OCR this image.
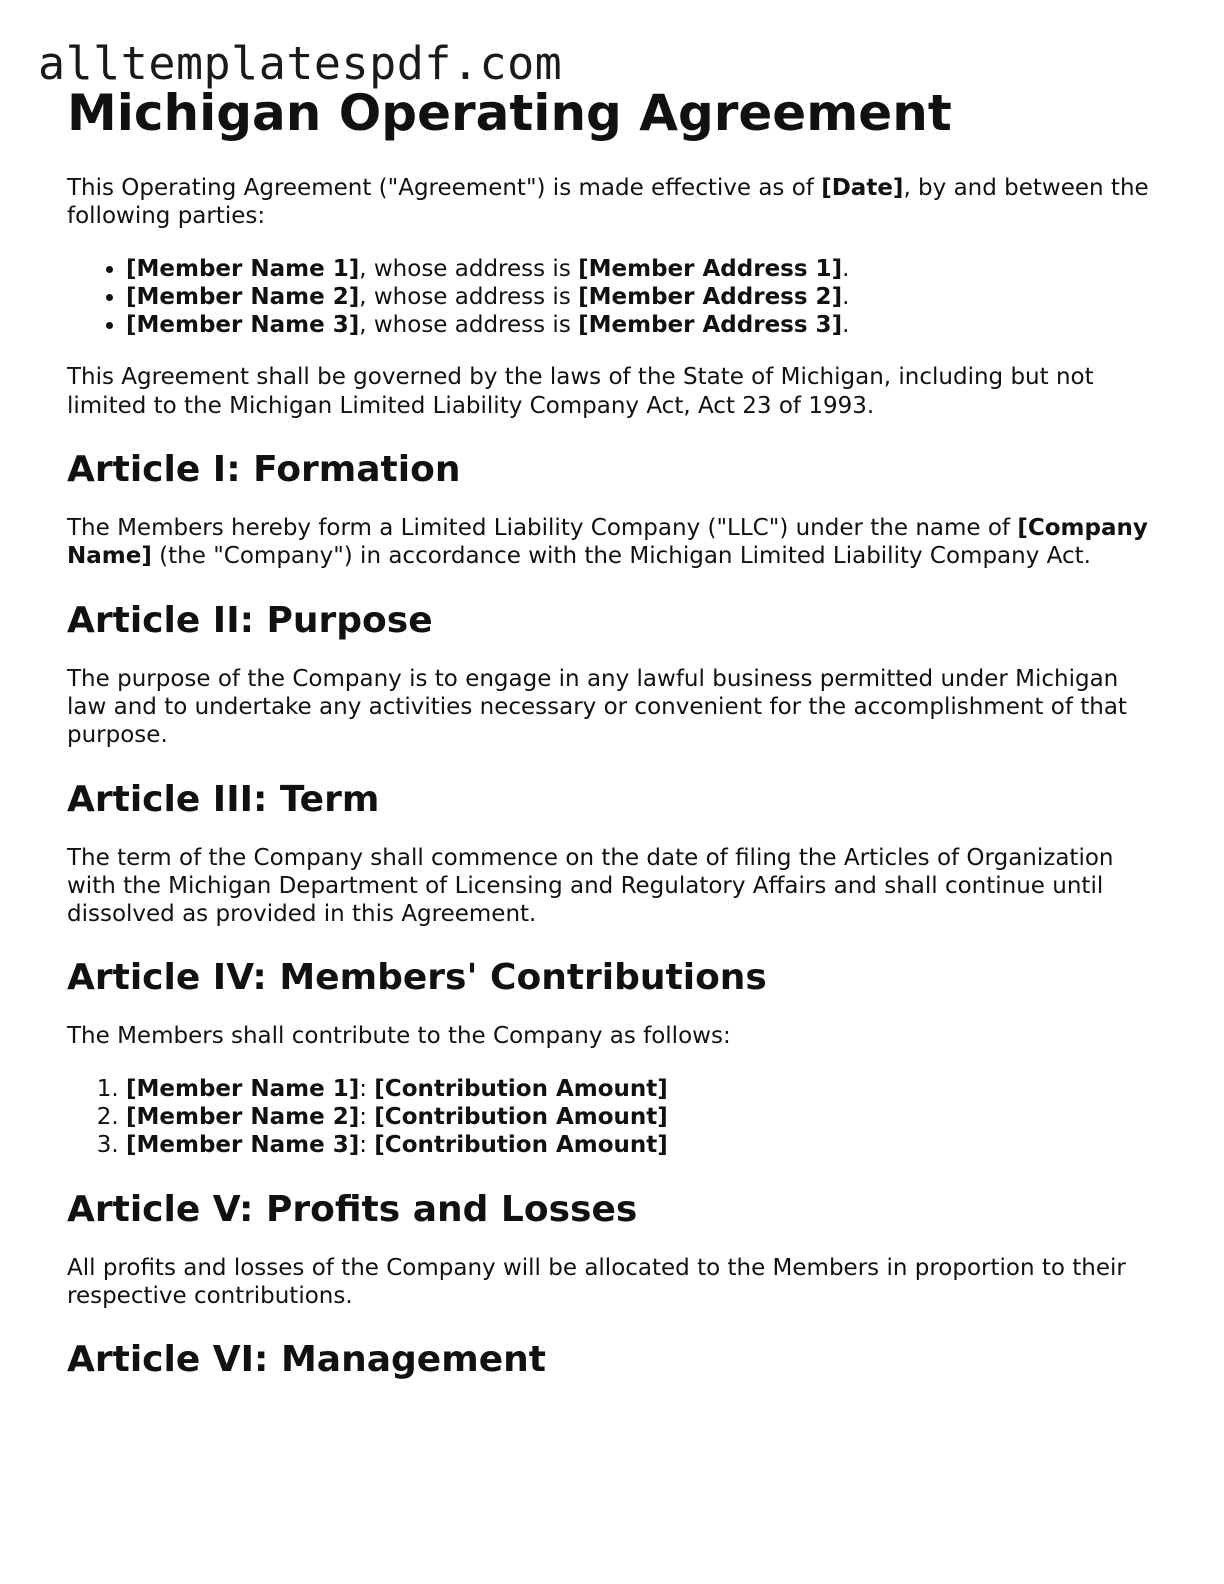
alltemplatespdf.com
Michigan Operating Agreement

This Operating Agreement ("Agreement") is made effective as of [Date], by and between the following parties:

• [Member Name 1], whose address is [Member Address 1].
• [Member Name 2], whose address is [Member Address 2].
• [Member Name 3], whose address is [Member Address 3].

This Agreement shall be governed by the laws of the State of Michigan, including but not limited to the Michigan Limited Liability Company Act, Act 23 of 1993.

Article I: Formation

The Members hereby form a Limited Liability Company ("LLC") under the name of [Company Name] (the "Company") in accordance with the Michigan Limited Liability Company Act.

Article II: Purpose

The purpose of the Company is to engage in any lawful business permitted under Michigan law and to undertake any activities necessary or convenient for the accomplishment of that purpose.

Article III: Term

The term of the Company shall commence on the date of filing the Articles of Organization with the Michigan Department of Licensing and Regulatory Affairs and shall continue until dissolved as provided in this Agreement.

Article IV: Members' Contributions

The Members shall contribute to the Company as follows:

1. [Member Name 1]: [Contribution Amount]
2. [Member Name 2]: [Contribution Amount]
3. [Member Name 3]: [Contribution Amount]
Article V: Profits and Losses

All profits and losses of the Company will be allocated to the Members in proportion to their respective contributions.

Article VI: Management
